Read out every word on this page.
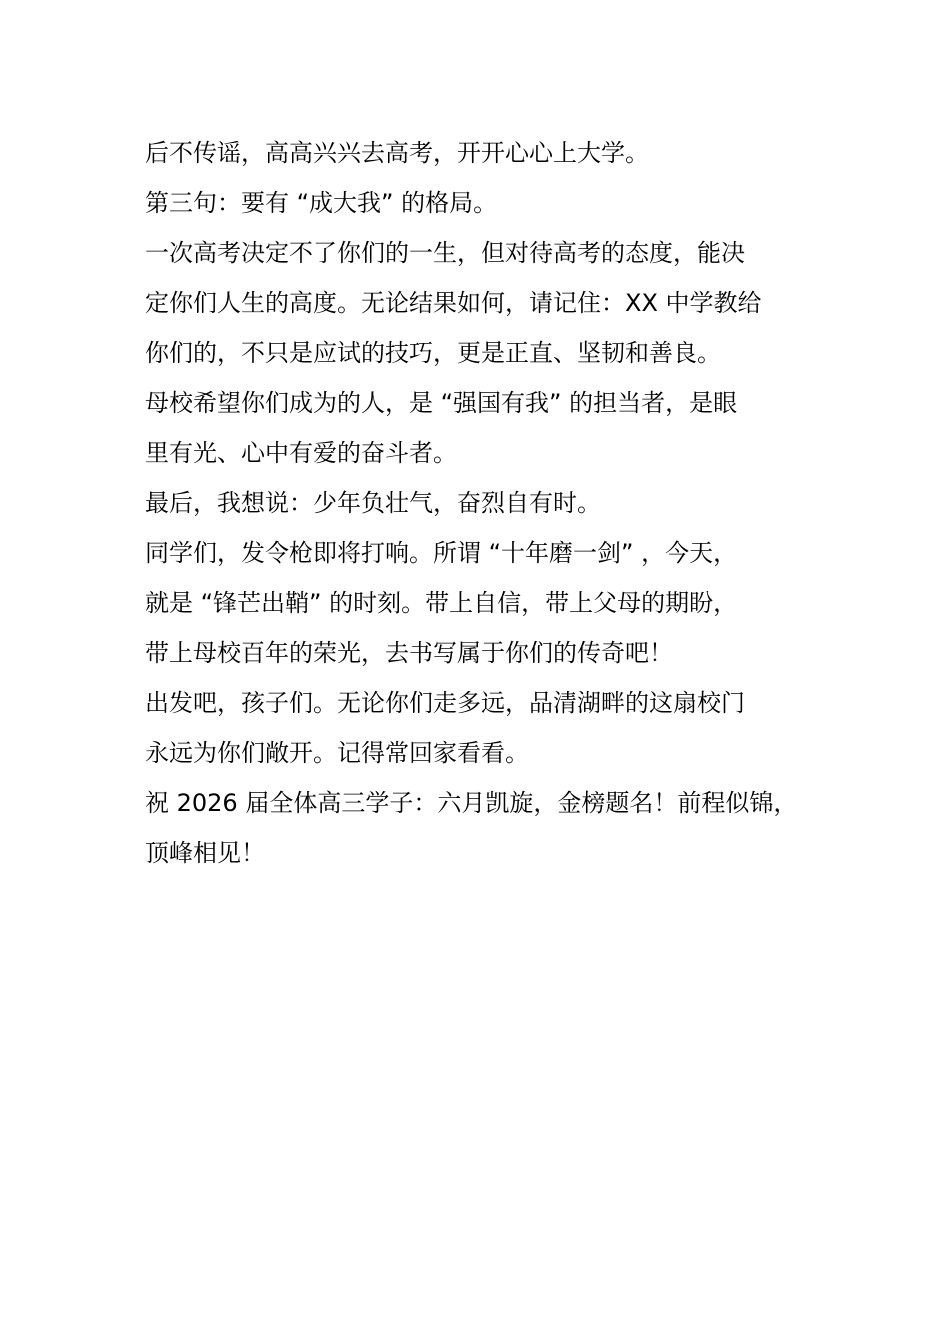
后不传谣，高高兴兴去高考，开开心心上大学。
第三句：要有 “成大我” 的格局。
一次高考决定不了你们的一生，但对待高考的态度，能决
定你们人生的高度。无论结果如何，请记住：XX 中学教给
你们的，不只是应试的技巧，更是正直、坚韧和善良。
母校希望你们成为的人，是 “强国有我” 的担当者，是眼
里有光、心中有爱的奋斗者。
最后，我想说：少年负壮气，奋烈自有时。
同学们，发令枪即将打响。所谓 “十年磨一剑” ，今天，
就是 “锋芒出鞘” 的时刻。带上自信，带上父母的期盼，
带上母校百年的荣光，去书写属于你们的传奇吧！
出发吧，孩子们。无论你们走多远，品清湖畔的这扇校门
永远为你们敞开。记得常回家看看。
祝 2026 届全体高三学子：六月凯旋，金榜题名！前程似锦，
顶峰相见！
